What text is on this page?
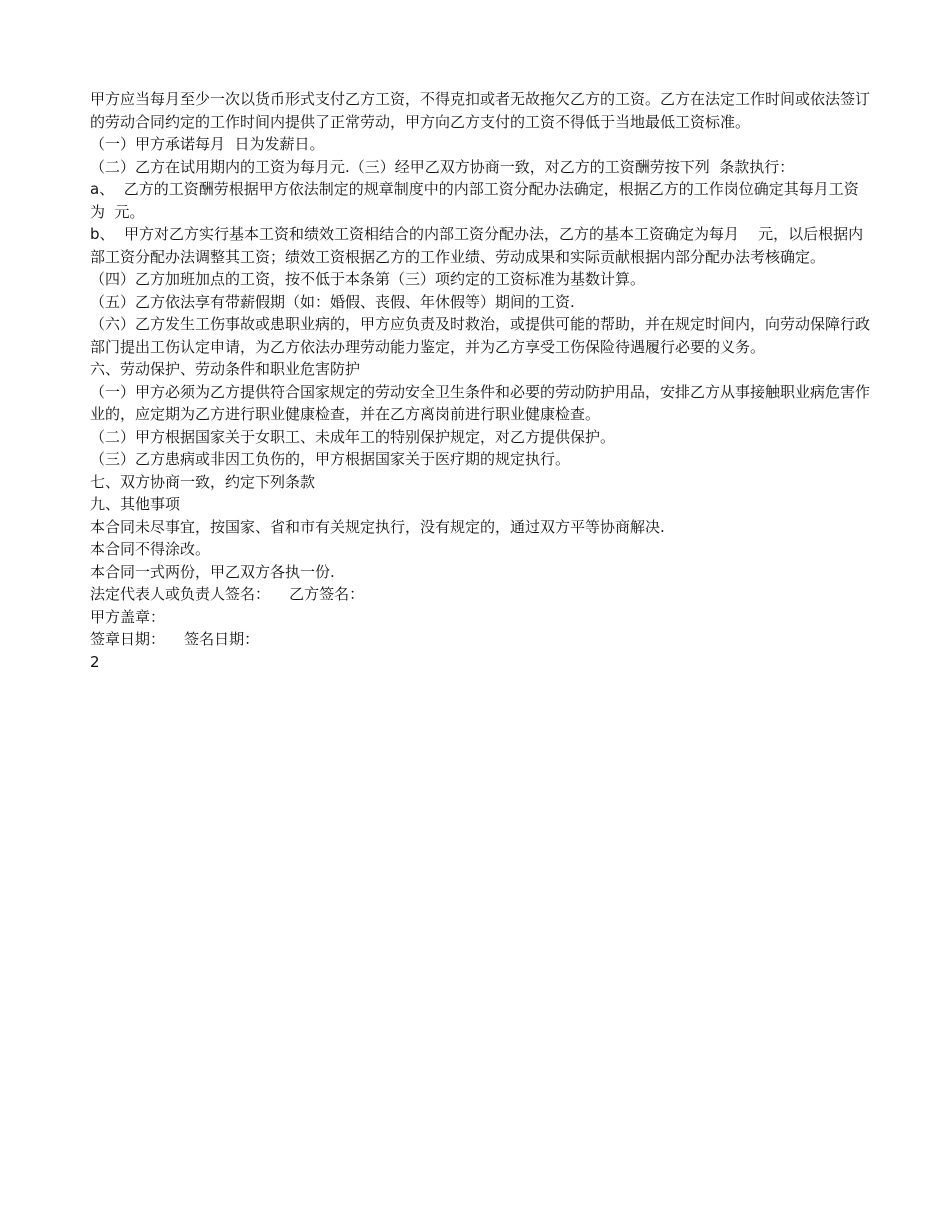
甲方应当每月至少一次以货币形式支付乙方工资，不得克扣或者无故拖欠乙方的工资。乙方在法定工作时间或依法签订的劳动合同约定的工作时间内提供了正常劳动，甲方向乙方支付的工资不得低于当地最低工资标准。

（一）甲方承诺每月  日为发薪日。

（二）乙方在试用期内的工资为每月元.（三）经甲乙双方协商一致，对乙方的工资酬劳按下列  条款执行：

a、  乙方的工资酬劳根据甲方依法制定的规章制度中的内部工资分配办法确定，根据乙方的工作岗位确定其每月工资为  元。

b、  甲方对乙方实行基本工资和绩效工资相结合的内部工资分配办法，乙方的基本工资确定为每月    元，以后根据内部工资分配办法调整其工资；绩效工资根据乙方的工作业绩、劳动成果和实际贡献根据内部分配办法考核确定。

（四）乙方加班加点的工资，按不低于本条第（三）项约定的工资标准为基数计算。

（五）乙方依法享有带薪假期（如：婚假、丧假、年休假等）期间的工资.

（六）乙方发生工伤事故或患职业病的，甲方应负责及时救治，或提供可能的帮助，并在规定时间内，向劳动保障行政部门提出工伤认定申请，为乙方依法办理劳动能力鉴定，并为乙方享受工伤保险待遇履行必要的义务。

六、劳动保护、劳动条件和职业危害防护

（一）甲方必须为乙方提供符合国家规定的劳动安全卫生条件和必要的劳动防护用品，安排乙方从事接触职业病危害作业的，应定期为乙方进行职业健康检查，并在乙方离岗前进行职业健康检查。

（二）甲方根据国家关于女职工、未成年工的特别保护规定，对乙方提供保护。

（三）乙方患病或非因工负伤的，甲方根据国家关于医疗期的规定执行。

七、双方协商一致，约定下列条款

九、其他事项

本合同未尽事宜，按国家、省和市有关规定执行，没有规定的，通过双方平等协商解决.

本合同不得涂改。

本合同一式两份，甲乙双方各执一份.

法定代表人或负责人签名：    乙方签名：

甲方盖章：

签章日期：    签名日期：

2
